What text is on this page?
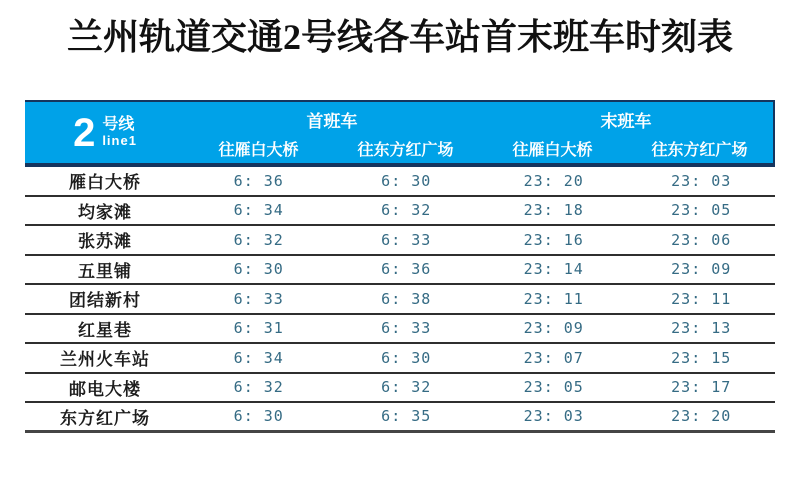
兰州轨道交通2号线各车站首末班车时刻表
2 号线
line1
首班车	末班车
往雁白大桥	往东方红广场	往雁白大桥	往东方红广场
雁白大桥	6: 36	6: 30	23: 20	23: 03
均家滩	6: 34	6: 32	23: 18	23: 05
张苏滩	6: 32	6: 33	23: 16	23: 06
五里铺	6: 30	6: 36	23: 14	23: 09
团结新村	6: 33	6: 38	23: 11	23: 11
红星巷	6: 31	6: 33	23: 09	23: 13
兰州火车站	6: 34	6: 30	23: 07	23: 15
邮电大楼	6: 32	6: 32	23: 05	23: 17
东方红广场	6: 30	6: 35	23: 03	23: 20
